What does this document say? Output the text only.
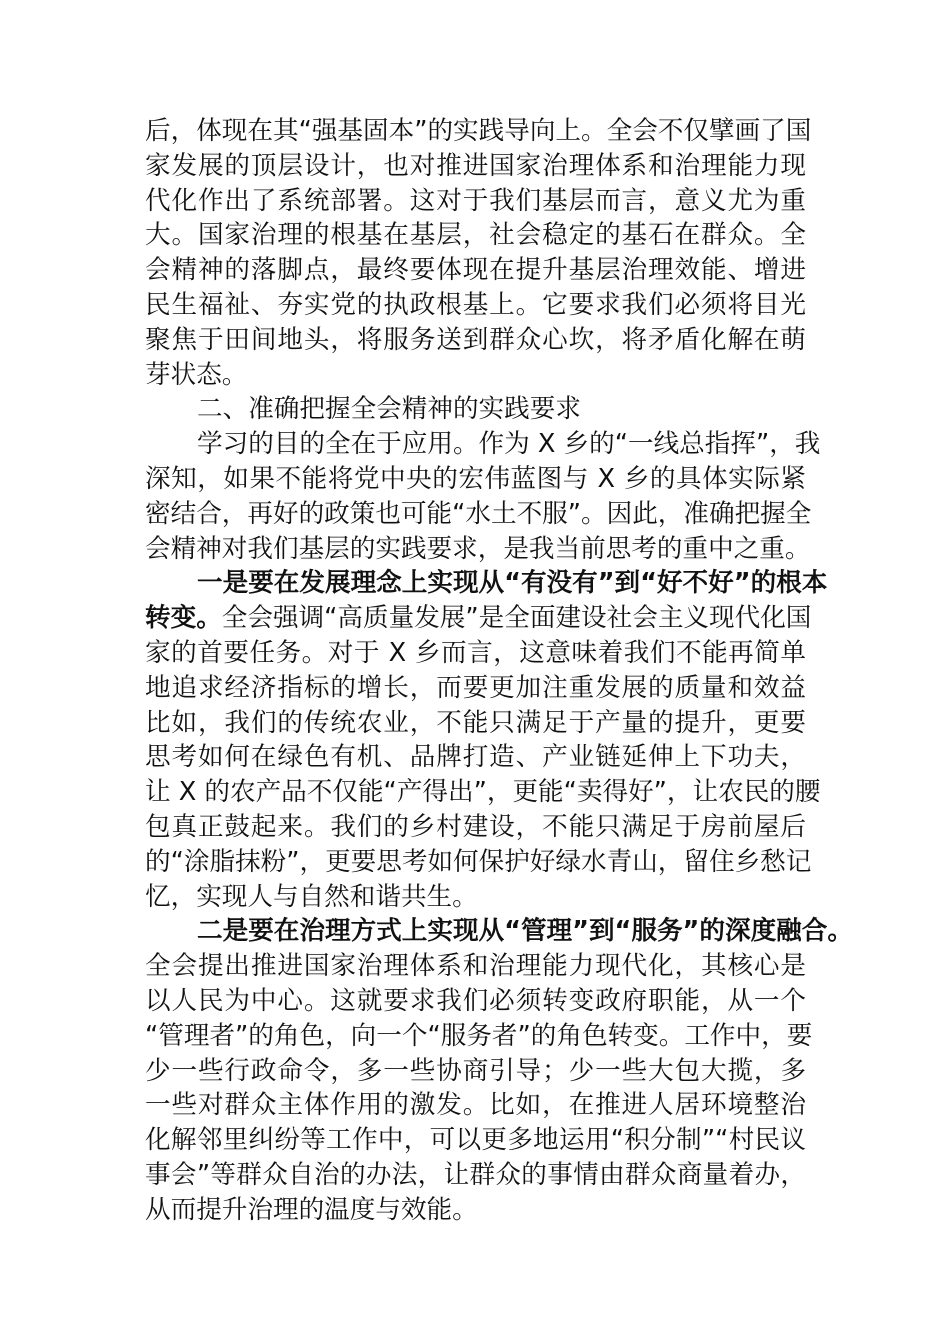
后，体现在其“强基固本”的实践导向上。全会不仅擘画了国
家发展的顶层设计，也对推进国家治理体系和治理能力现
代化作出了系统部署。这对于我们基层而言，意义尤为重
大。国家治理的根基在基层，社会稳定的基石在群众。全
会精神的落脚点，最终要体现在提升基层治理效能、增进
民生福祉、夯实党的执政根基上。它要求我们必须将目光
聚焦于田间地头，将服务送到群众心坎，将矛盾化解在萌
芽状态。
二、准确把握全会精神的实践要求
学习的目的全在于应用。作为 X 乡的“一线总指挥”，我
深知，如果不能将党中央的宏伟蓝图与 X 乡的具体实际紧
密结合，再好的政策也可能“水土不服”。因此，准确把握全
会精神对我们基层的实践要求，是我当前思考的重中之重。
一是要在发展理念上实现从“有没有”到“好不好”的根本
转变。全会强调“高质量发展”是全面建设社会主义现代化国
家的首要任务。对于 X 乡而言，这意味着我们不能再简单
地追求经济指标的增长，而要更加注重发展的质量和效益
比如，我们的传统农业，不能只满足于产量的提升，更要
思考如何在绿色有机、品牌打造、产业链延伸上下功夫，
让 X 的农产品不仅能“产得出”，更能“卖得好”，让农民的腰
包真正鼓起来。我们的乡村建设，不能只满足于房前屋后
的“涂脂抹粉”，更要思考如何保护好绿水青山，留住乡愁记
忆，实现人与自然和谐共生。
二是要在治理方式上实现从“管理”到“服务”的深度融合。
全会提出推进国家治理体系和治理能力现代化，其核心是
以人民为中心。这就要求我们必须转变政府职能，从一个
“管理者”的角色，向一个“服务者”的角色转变。工作中，要
少一些行政命令，多一些协商引导；少一些大包大揽，多
一些对群众主体作用的激发。比如，在推进人居环境整治
化解邻里纠纷等工作中，可以更多地运用“积分制”“村民议
事会”等群众自治的办法，让群众的事情由群众商量着办，
从而提升治理的温度与效能。
